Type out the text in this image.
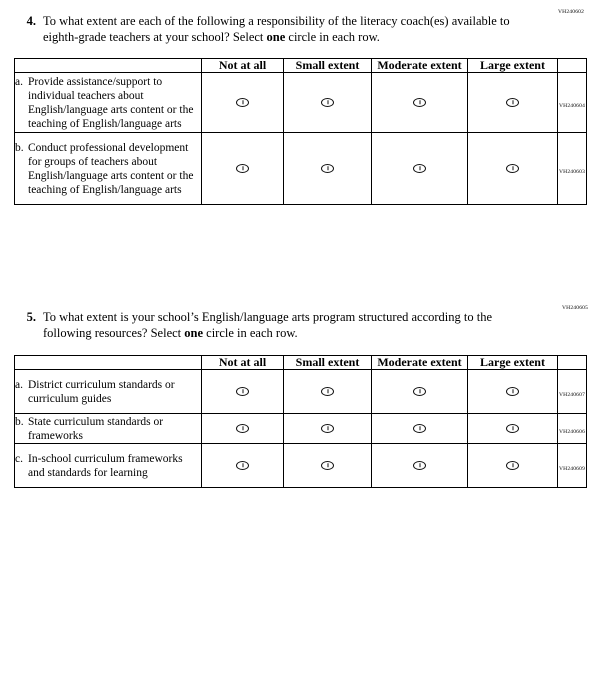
VH240602
4. To what extent are each of the following a responsibility of the literacy coach(es) available to eighth-grade teachers at your school? Select one circle in each row.
	Not at all	Small extent	Moderate extent	Large extent	

a. Provide assistance/support to individual teachers about English/language arts content or the teaching of English/language arts					VH240604

b. Conduct professional development for groups of teachers about English/language arts content or the teaching of English/language arts					VH240603
VH240605
5. To what extent is your school’s English/language arts program structured according to the following resources? Select one circle in each row.
	Not at all	Small extent	Moderate extent	Large extent	

a. District curriculum standards or curriculum guides					VH240607

b. State curriculum standards or frameworks					VH240606

c. In-school curriculum frameworks and standards for learning					VH240609
